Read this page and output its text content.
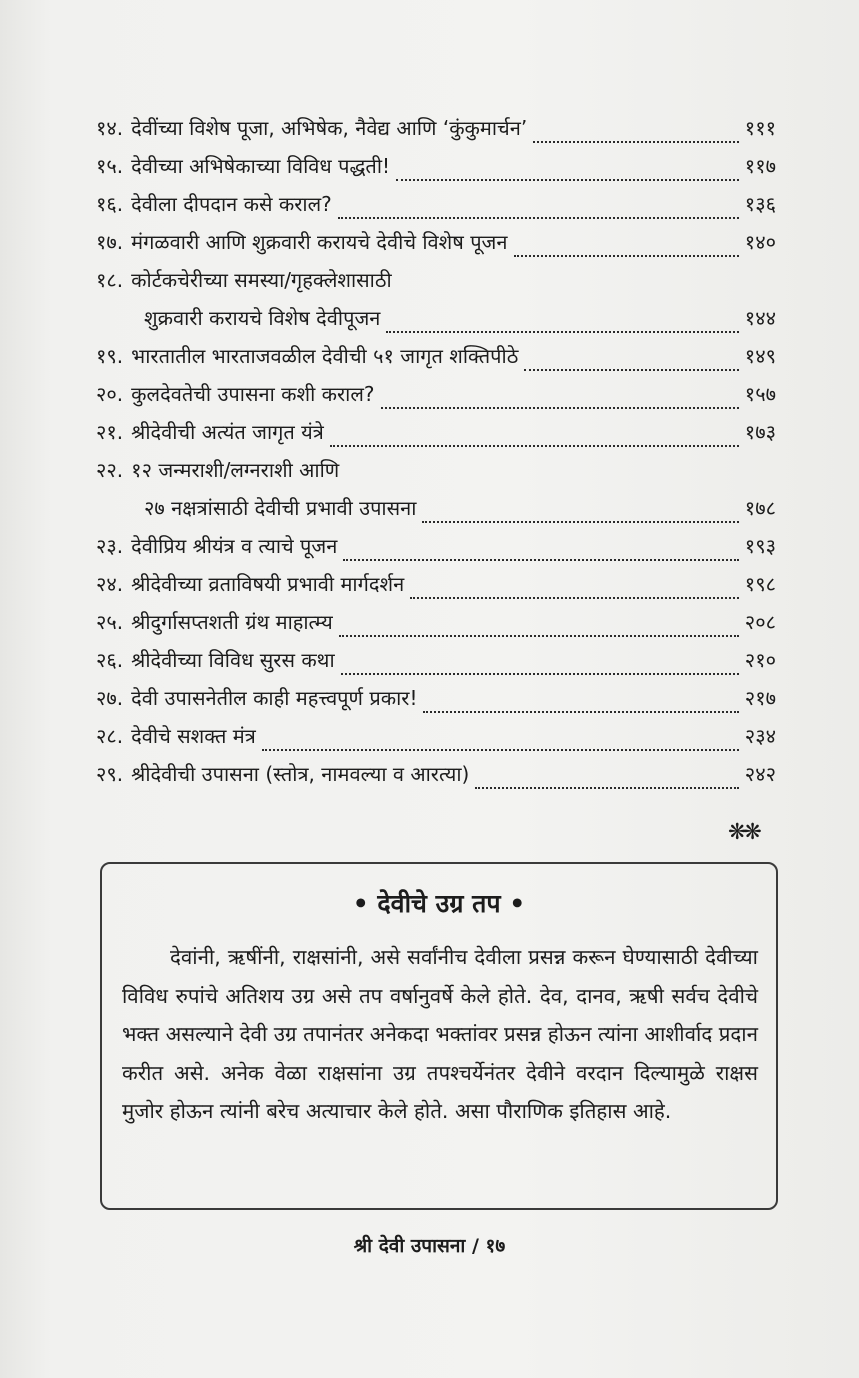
१४. देवींच्या विशेष पूजा, अभिषेक, नैवेद्य आणि ‘कुंकुमार्चन’	१११
१५. देवीच्या अभिषेकाच्या विविध पद्धती!	११७
१६. देवीला दीपदान कसे कराल?	१३६
१७. मंगळवारी आणि शुक्रवारी करायचे देवीचे विशेष पूजन	१४०
१८. कोर्टकचेरीच्या समस्या/गृहक्लेशासाठी
शुक्रवारी करायचे विशेष देवीपूजन	१४४
१९. भारतातील भारताजवळील देवीची ५१ जागृत शक्तिपीठे	१४९
२०. कुलदेवतेची उपासना कशी कराल?	१५७
२१. श्रीदेवीची अत्यंत जागृत यंत्रे	१७३
२२. १२ जन्मराशी/लग्नराशी आणि
२७ नक्षत्रांसाठी देवीची प्रभावी उपासना	१७८
२३. देवीप्रिय श्रीयंत्र व त्याचे पूजन	१९३
२४. श्रीदेवीच्या व्रताविषयी प्रभावी मार्गदर्शन	१९८
२५. श्रीदुर्गासप्तशती ग्रंथ माहात्म्य	२०८
२६. श्रीदेवीच्या विविध सुरस कथा	२१०
२७. देवी उपासनेतील काही महत्त्वपूर्ण प्रकार!	२१७
२८. देवीचे सशक्त मंत्र	२३४
२९. श्रीदेवीची उपासना (स्तोत्र, नामवल्या व आरत्या)	२४२
❋❋
• देवीचे उग्र तप •
देवांनी, ऋषींनी, राक्षसांनी, असे सर्वांनीच देवीला प्रसन्न करून घेण्यासाठी देवीच्या विविध रुपांचे अतिशय उग्र असे तप वर्षानुवर्षे केले होते. देव, दानव, ऋषी सर्वच देवीचे भक्त असल्याने देवी उग्र तपानंतर अनेकदा भक्तांवर प्रसन्न होऊन त्यांना आशीर्वाद प्रदान करीत असे. अनेक वेळा राक्षसांना उग्र तपश्चर्येनंतर देवीने वरदान दिल्यामुळे राक्षस मुजोर होऊन त्यांनी बरेच अत्याचार केले होते. असा पौराणिक इतिहास आहे.
श्री देवी उपासना / १७
